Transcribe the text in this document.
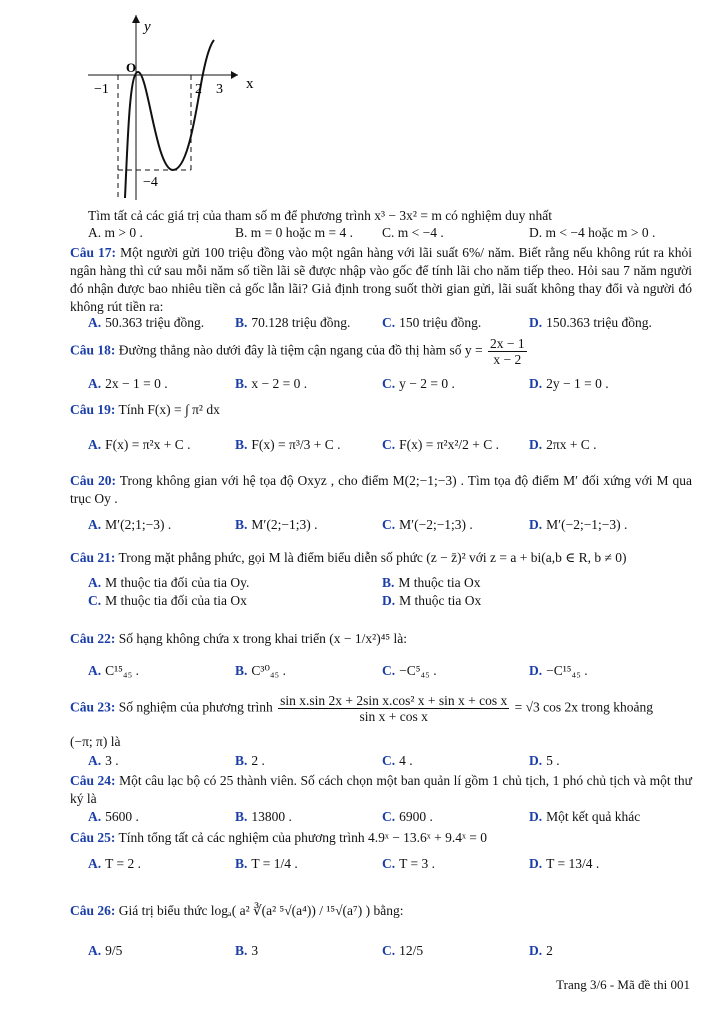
y
x
O
−1	2 3
−4
Tìm tất cả các giá trị của tham số m để phương trình x³ − 3x² = m có nghiệm duy nhất
A. m > 0 .	B. m = 0 hoặc m = 4 .	C. m < −4 .	D. m < −4 hoặc m > 0 .
Câu 17: Một người gửi 100 triệu đồng vào một ngân hàng với lãi suất 6%/ năm. Biết rằng nếu không rút ra khỏi ngân hàng thì cứ sau mỗi năm số tiền lãi sẽ được nhập vào gốc để tính lãi cho năm tiếp theo. Hỏi sau 7 năm người đó nhận được bao nhiêu tiền cả gốc lẫn lãi? Giả định trong suốt thời gian gửi, lãi suất không thay đổi và người đó không rút tiền ra:
A. 50.363 triệu đồng.	B. 70.128 triệu đồng.	C. 150 triệu đồng.	D. 150.363 triệu đồng.
Câu 18: Đường thẳng nào dưới đây là tiệm cận ngang của đồ thị hàm số $y = \frac{2x - 1}{x - 2}$
A. 2x − 1 = 0 .	B. x − 2 = 0 .	C. y − 2 = 0 .	D. 2y − 1 = 0 .
Câu 19: Tính F(x) = ∫ π² dx
A. F(x) = π²x + C .	B. F(x) = π³/3 + C .	C. F(x) = π²x²/2 + C .	D. 2πx + C .
Câu 20: Trong không gian với hệ tọa độ Oxyz , cho điểm M(2;−1;−3) . Tìm tọa độ điểm M′ đối xứng với M qua trục Oy .
A. M′(2;1;−3) .	B. M′(2;−1;3) .	C. M′(−2;−1;3) .	D. M′(−2;−1;−3) .
Câu 21: Trong mặt phẳng phức, gọi M là điểm biểu diễn số phức (z − z̄)² với z = a + bi(a,b ∈ R, b ≠ 0)
A. M thuộc tia đối của tia Oy.	B. M thuộc tia Ox
C. M thuộc tia đối của tia Ox	D. M thuộc tia Ox
Câu 22: Số hạng không chứa x trong khai triển (x − 1/x²)⁴⁵ là:
A. C¹⁵₄₅ .	B. C³⁰₄₅ .	C. −C⁵₄₅ .	D. −C¹⁵₄₅ .
Câu 23: Số nghiệm của phương trình $\frac{\text{sin x.sin 2x + 2sin x.cos² x + sin x + cos x}}{\text{sin x + cos x}} = √3$ cos 2x trong khoảng
(−π; π) là
A. 3 .	B. 2 .	C. 4 .	D. 5 .
Câu 24: Một câu lạc bộ có 25 thành viên. Số cách chọn một ban quản lí gồm 1 chủ tịch, 1 phó chủ tịch và một thư ký là
A. 5600 .	B. 13800 .	C. 6900 .	D. Một kết quả khác
Câu 25: Tính tổng tất cả các nghiệm của phương trình 4.9ˣ − 13.6ˣ + 9.4ˣ = 0
A. T = 2 .	B. T = 1/4 .	C. T = 3 .	D. T = 13/4 .
Câu 26: Giá trị biểu thức logₐ( a² ∛(a² ⁵√(a⁴)) / ¹⁵√(a⁷) ) bằng:
A. 9/5	B. 3	C. 12/5	D. 2
Trang 3/6 - Mã đề thi 001
